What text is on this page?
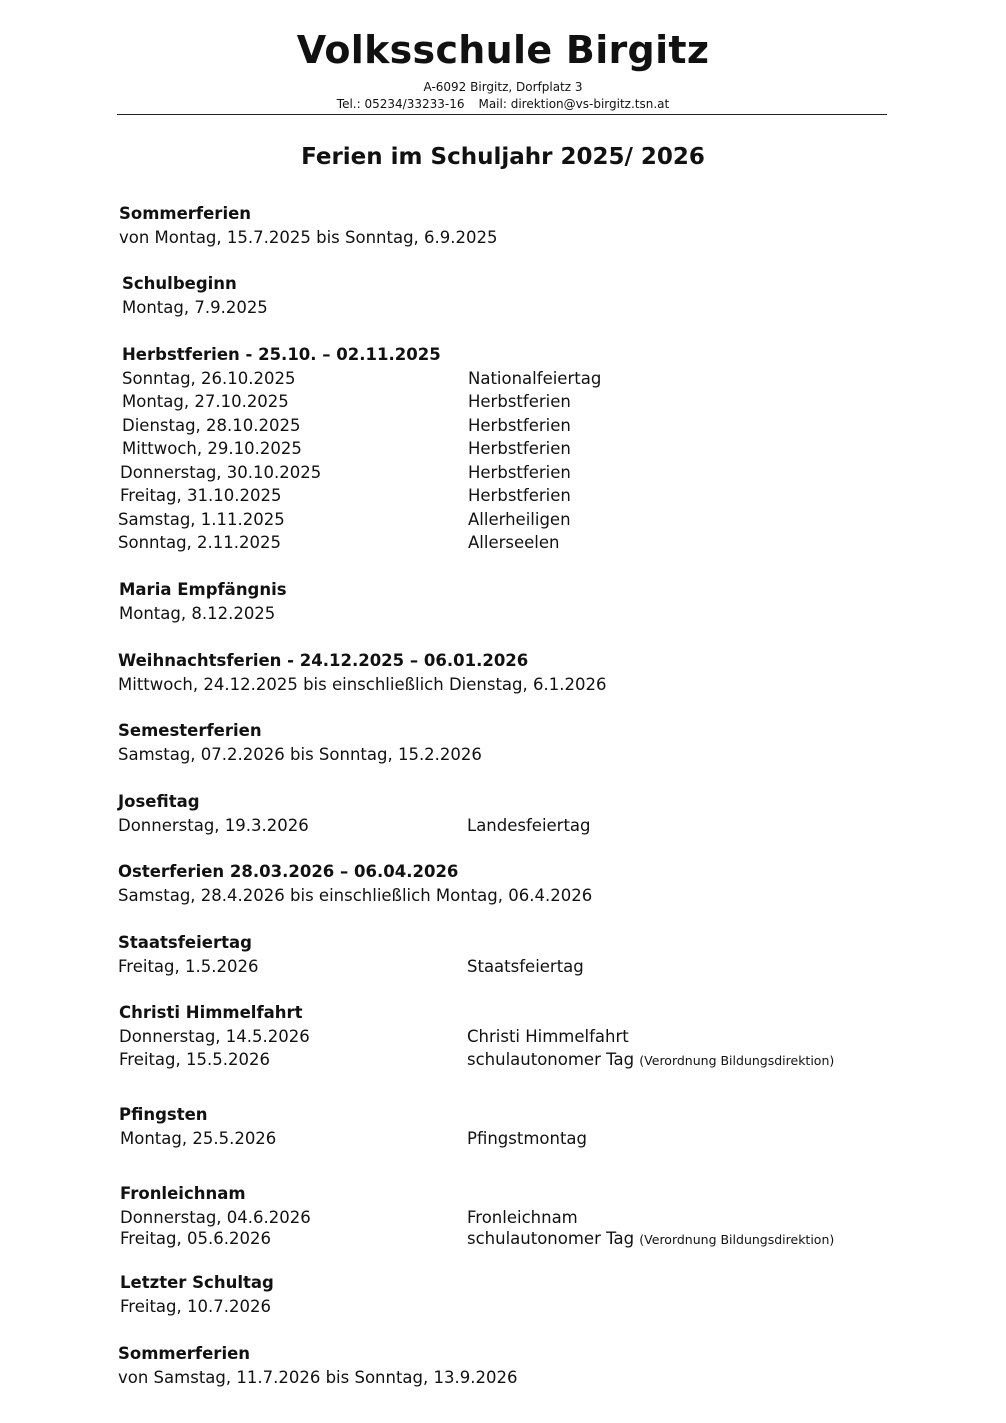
Volksschule Birgitz
A-6092 Birgitz, Dorfplatz 3
Tel.: 05234/33233-16 Mail: direktion@vs-birgitz.tsn.at
Ferien im Schuljahr 2025/ 2026
Sommerferien
von Montag, 15.7.2025 bis Sonntag, 6.9.2025
Schulbeginn
Montag, 7.9.2025
Herbstferien - 25.10. – 02.11.2025
Sonntag, 26.10.2025	Nationalfeiertag
Montag, 27.10.2025	Herbstferien
Dienstag, 28.10.2025	Herbstferien
Mittwoch, 29.10.2025	Herbstferien
Donnerstag, 30.10.2025	Herbstferien
Freitag, 31.10.2025	Herbstferien
Samstag, 1.11.2025	Allerheiligen
Sonntag, 2.11.2025	Allerseelen
Maria Empfängnis
Montag, 8.12.2025
Weihnachtsferien - 24.12.2025 – 06.01.2026
Mittwoch, 24.12.2025 bis einschließlich Dienstag, 6.1.2026
Semesterferien
Samstag, 07.2.2026 bis Sonntag, 15.2.2026
Josefitag
Donnerstag, 19.3.2026	Landesfeiertag
Osterferien 28.03.2026 – 06.04.2026
Samstag, 28.4.2026 bis einschließlich Montag, 06.4.2026
Staatsfeiertag
Freitag, 1.5.2026	Staatsfeiertag
Christi Himmelfahrt
Donnerstag, 14.5.2026	Christi Himmelfahrt
Freitag, 15.5.2026	schulautonomer Tag (Verordnung Bildungsdirektion)
Pfingsten
Montag, 25.5.2026	Pfingstmontag
Fronleichnam
Donnerstag, 04.6.2026	Fronleichnam
Freitag, 05.6.2026	schulautonomer Tag (Verordnung Bildungsdirektion)
Letzter Schultag
Freitag, 10.7.2026
Sommerferien
von Samstag, 11.7.2026 bis Sonntag, 13.9.2026
